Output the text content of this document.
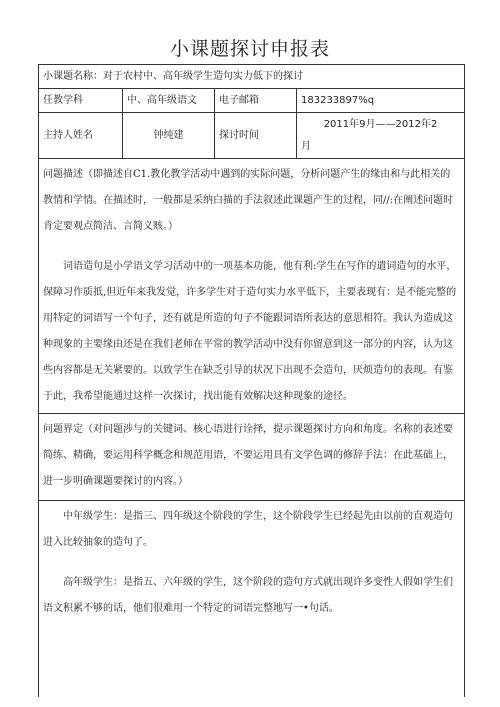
小课题探讨申报表
小课题名称：对于农村中、高年级学生造句实力低下的探讨			
任教学科	中、高年级语文	电子邮箱	183233897%q
主持人姓名	钟纯建	探讨时间	2011年9月——2012年2
月

问题描述（即描述自C1.教化教学活动中遇到的实际问题，分析问题产生的缘由和与此相关的教情和学情。在描述时，一般都是采纳白描的手法叙述此课题产生的过程，同//:在阐述问题时肯定要观点简洁、言简义赅。）

词语造句是小学语文学习活动中的一项基本功能，他有利:学生在写作的遣词造句的水平，保障习作质抵,但近年来我发觉，许多学生对于造句实力水平低下，主要表现有：是不能完整的用特定的词语写一个句子，还有就是所造的句子不能跟词语所表达的意思相符。我认为造成这种现象的主要缘由还是在我们老师在平常的教学活动中没有你留意到这一部分的内容，认为这些内容都是无关紧要的。以致学生在缺乏引导的状况下出现不会造句，厌烦造句的表现。有鉴于此，我希望能通过这样一次探讨，找出能有效解决这种现象的途径。			

问题界定（对问题涉与的关键词、核心语进行诠择，提示课题探讨方向和角度。名称的表述要简练、精确，要运用科学概念和规范用语，不要运用具有文学色调的修辞手法：在此基础上，进一步明确课题要探讨的内容。）			

中年级学生：是指三、四年级这个阶段的学生，这个阶段学生已经起先由以前的直观造句进入比较抽象的造句了。

高年级学生：是指五、六年级的学生，这个阶段的造句方式就出现许多变性人假如学生们语文积累不够的话，他们很难用一个特定的词语完整地写一•句话。			
